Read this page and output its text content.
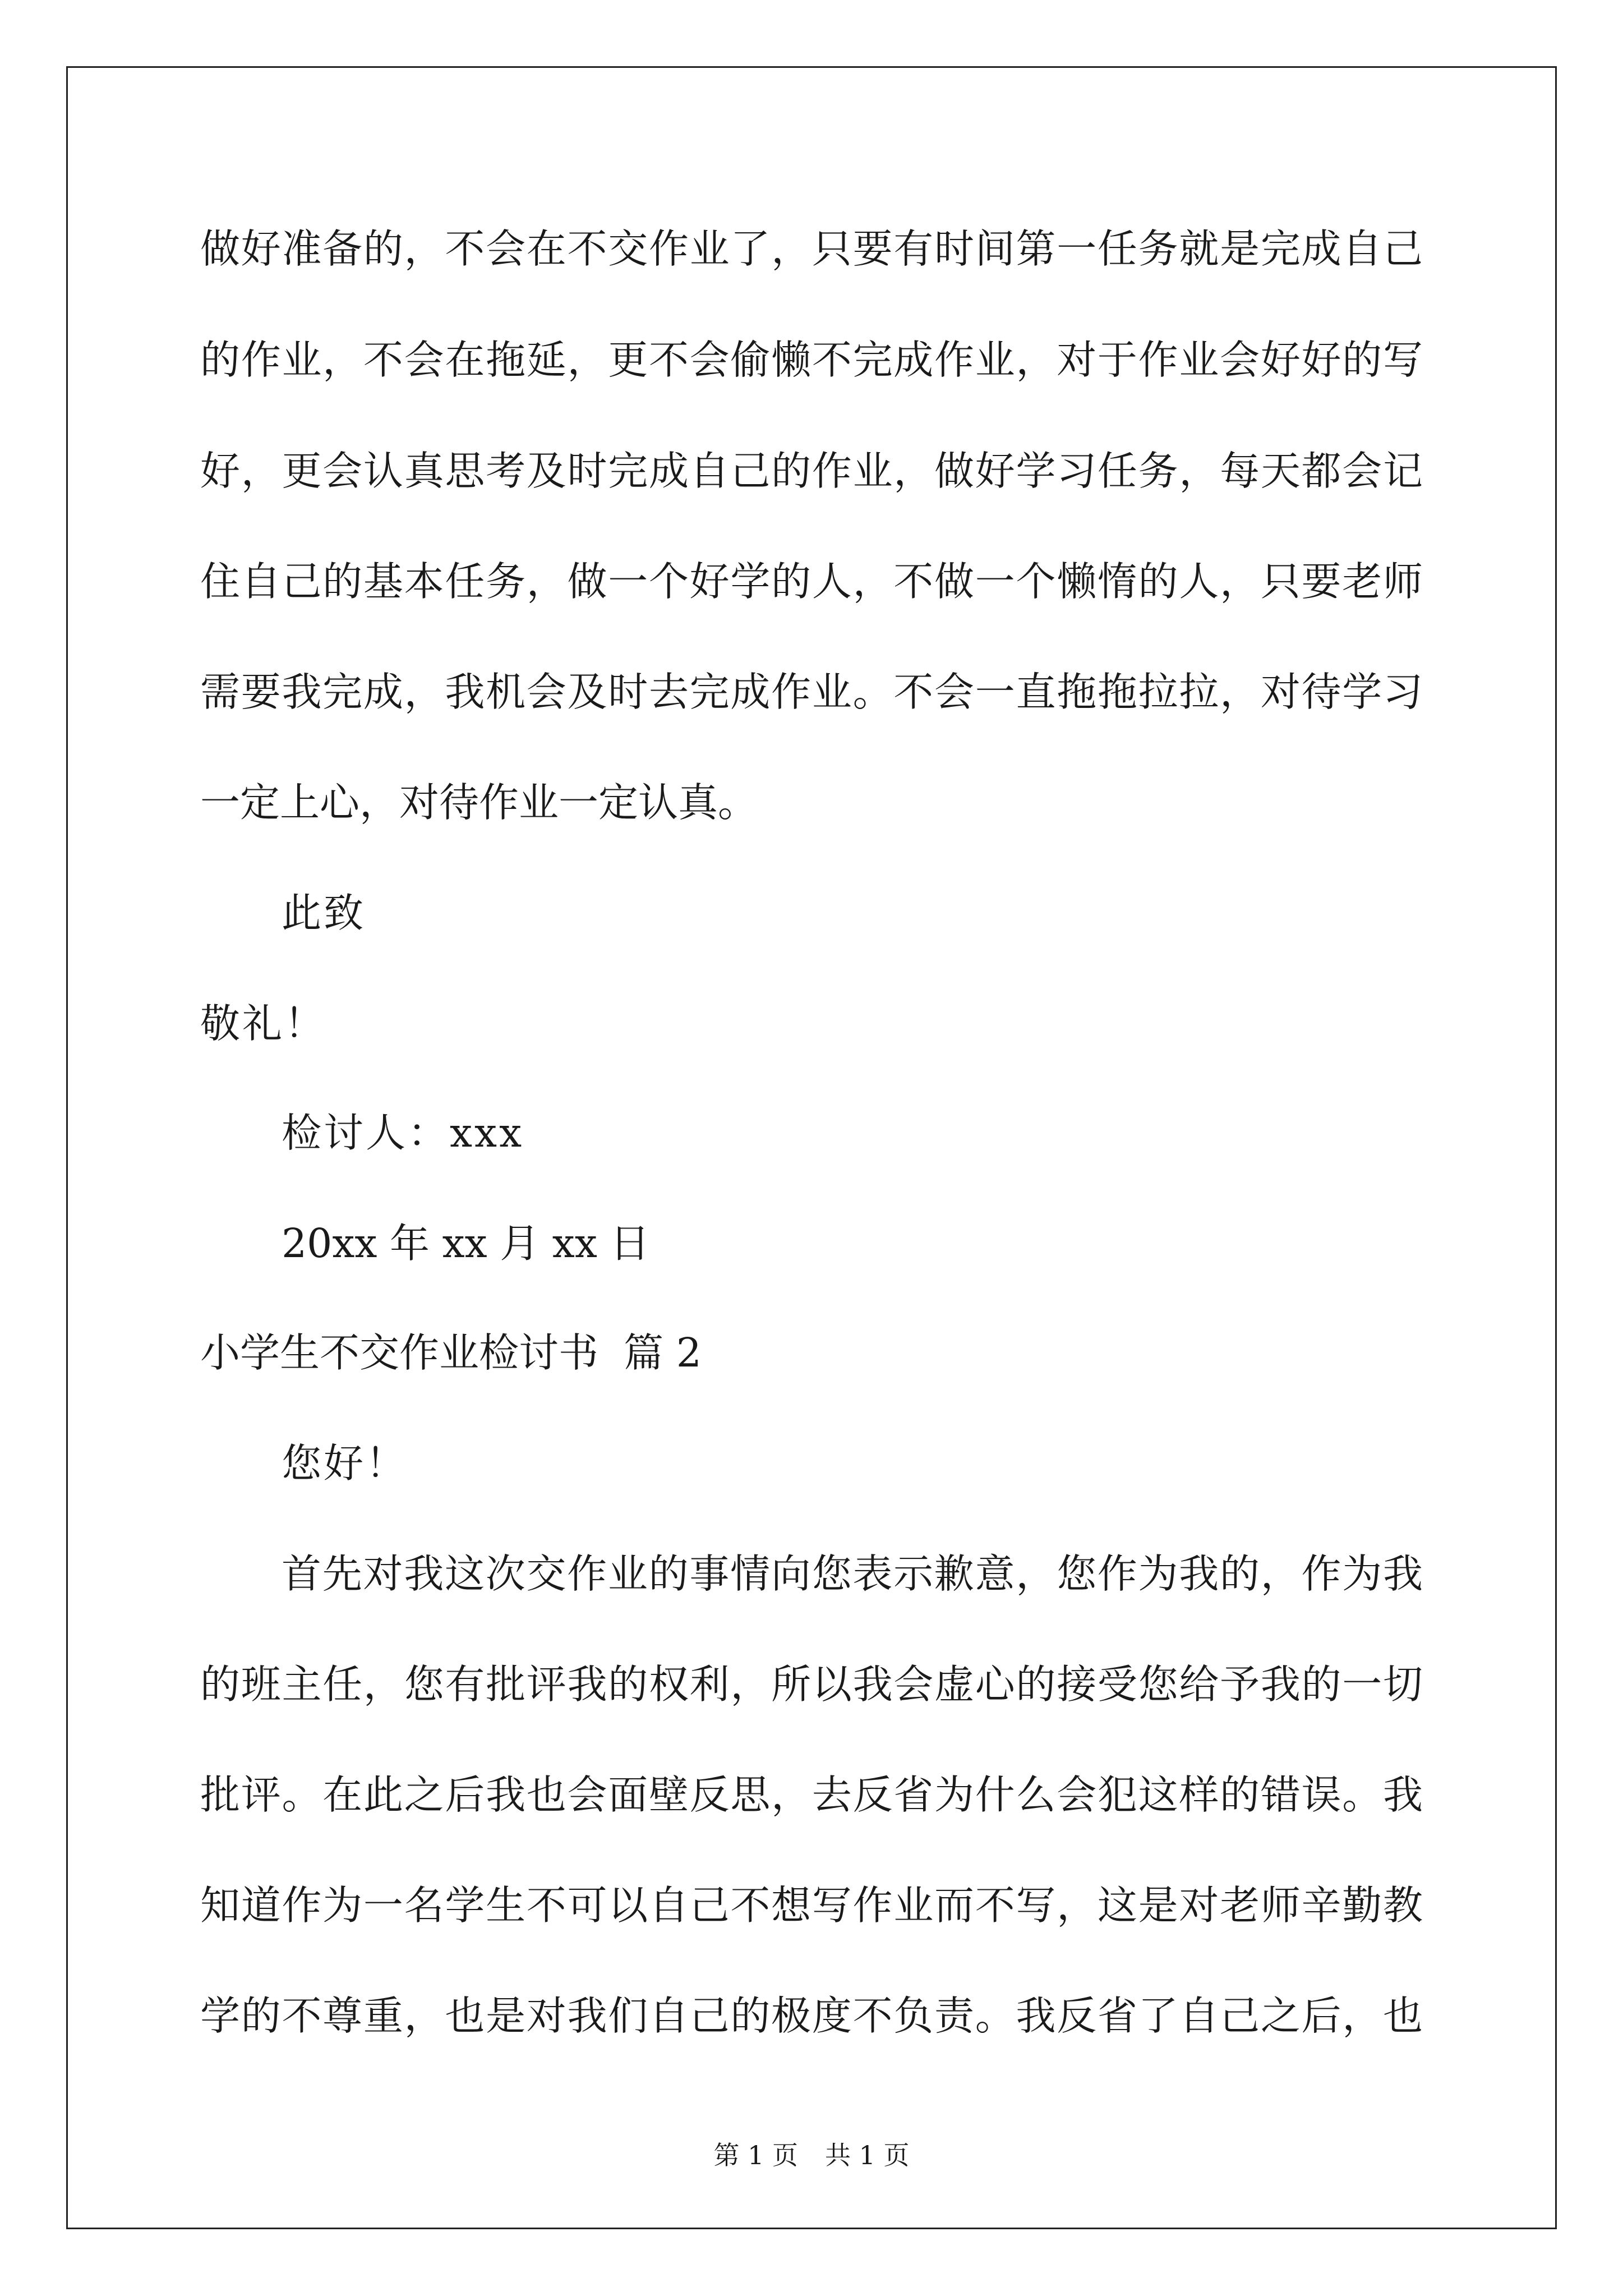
做好准备的，不会在不交作业了，只要有时间第一任务就是完成自己
的作业，不会在拖延，更不会偷懒不完成作业，对于作业会好好的写
好，更会认真思考及时完成自己的作业，做好学习任务，每天都会记
住自己的基本任务，做一个好学的人，不做一个懒惰的人，只要老师
需要我完成，我机会及时去完成作业。不会一直拖拖拉拉，对待学习
一定上心，对待作业一定认真。
此致
敬礼！
检讨人：xxx
20xx 年 xx 月 xx 日
小学生不交作业检讨书  篇 2
您好！
首先对我这次交作业的事情向您表示歉意，您作为我的，作为我
的班主任，您有批评我的权利，所以我会虚心的接受您给予我的一切
批评。在此之后我也会面壁反思，去反省为什么会犯这样的错误。我
知道作为一名学生不可以自己不想写作业而不写，这是对老师辛勤教
学的不尊重，也是对我们自己的极度不负责。我反省了自己之后，也
第 1 页 共 1 页
